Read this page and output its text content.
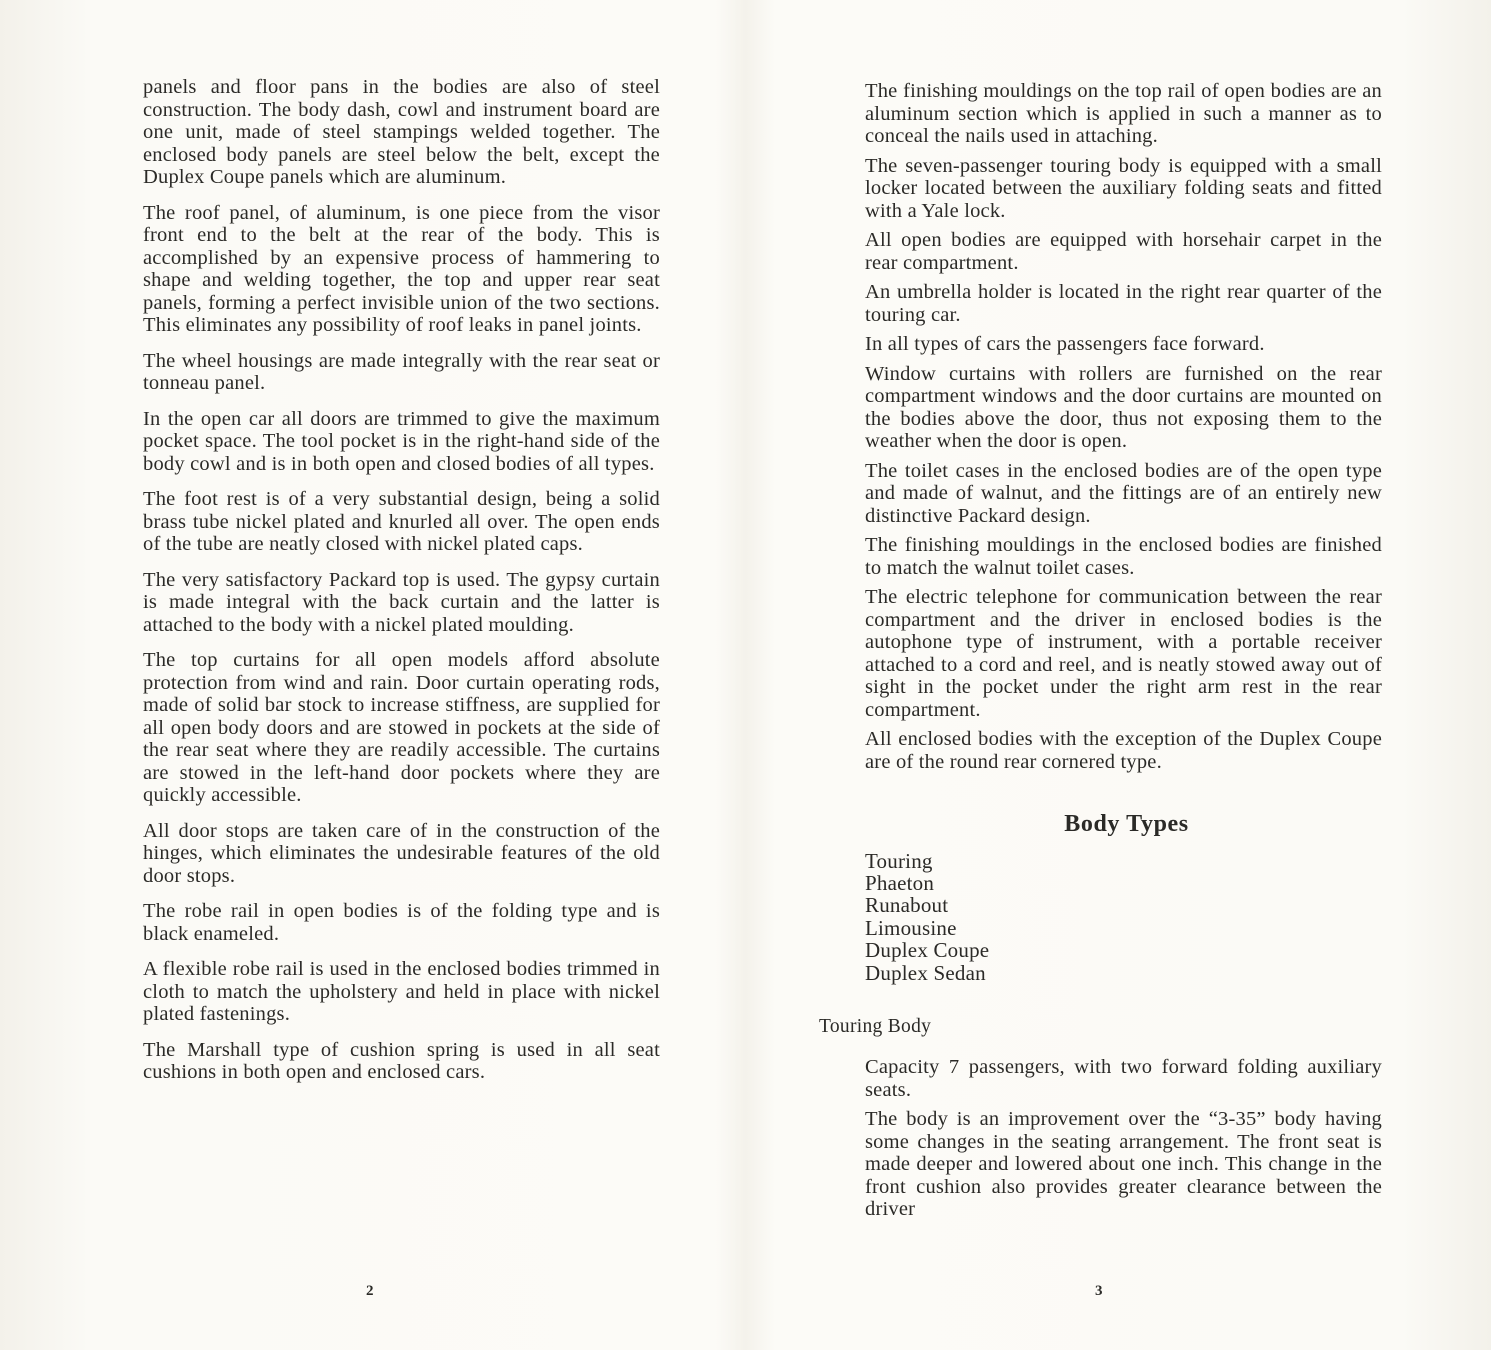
panels and floor pans in the bodies are also of steel construction. The body dash, cowl and instrument board are one unit, made of steel stampings welded together. The enclosed body panels are steel below the belt, except the Duplex Coupe panels which are aluminum.

The roof panel, of aluminum, is one piece from the visor front end to the belt at the rear of the body. This is accomplished by an expensive process of hammering to shape and welding together, the top and upper rear seat panels, forming a perfect invisible union of the two sections. This eliminates any possibility of roof leaks in panel joints.

The wheel housings are made integrally with the rear seat or tonneau panel.

In the open car all doors are trimmed to give the maximum pocket space. The tool pocket is in the right-hand side of the body cowl and is in both open and closed bodies of all types.

The foot rest is of a very substantial design, being a solid brass tube nickel plated and knurled all over. The open ends of the tube are neatly closed with nickel plated caps.

The very satisfactory Packard top is used. The gypsy curtain is made integral with the back curtain and the latter is attached to the body with a nickel plated moulding.

The top curtains for all open models afford absolute protection from wind and rain. Door curtain operating rods, made of solid bar stock to increase stiffness, are supplied for all open body doors and are stowed in pockets at the side of the rear seat where they are readily accessible. The curtains are stowed in the left-hand door pockets where they are quickly accessible.

All door stops are taken care of in the construction of the hinges, which eliminates the undesirable features of the old door stops.

The robe rail in open bodies is of the folding type and is black enameled.

A flexible robe rail is used in the enclosed bodies trimmed in cloth to match the upholstery and held in place with nickel plated fastenings.

The Marshall type of cushion spring is used in all seat cushions in both open and enclosed cars.

2

The finishing mouldings on the top rail of open bodies are an aluminum section which is applied in such a manner as to conceal the nails used in attaching.

The seven-passenger touring body is equipped with a small locker located between the auxiliary folding seats and fitted with a Yale lock.

All open bodies are equipped with horsehair carpet in the rear compartment.

An umbrella holder is located in the right rear quarter of the touring car.

In all types of cars the passengers face forward.

Window curtains with rollers are furnished on the rear compartment windows and the door curtains are mounted on the bodies above the door, thus not exposing them to the weather when the door is open.

The toilet cases in the enclosed bodies are of the open type and made of walnut, and the fittings are of an entirely new distinctive Packard design.

The finishing mouldings in the enclosed bodies are finished to match the walnut toilet cases.

The electric telephone for communication between the rear compartment and the driver in enclosed bodies is the autophone type of instrument, with a portable receiver attached to a cord and reel, and is neatly stowed away out of sight in the pocket under the right arm rest in the rear compartment.

All enclosed bodies with the exception of the Duplex Coupe are of the round rear cornered type.

Body Types
Touring
Phaeton
Runabout
Limousine
Duplex Coupe
Duplex Sedan
Touring Body

Capacity 7 passengers, with two forward folding auxiliary seats.

The body is an improvement over the “3-35” body having some changes in the seating arrangement. The front seat is made deeper and lowered about one inch. This change in the front cushion also provides greater clearance between the driver

3
